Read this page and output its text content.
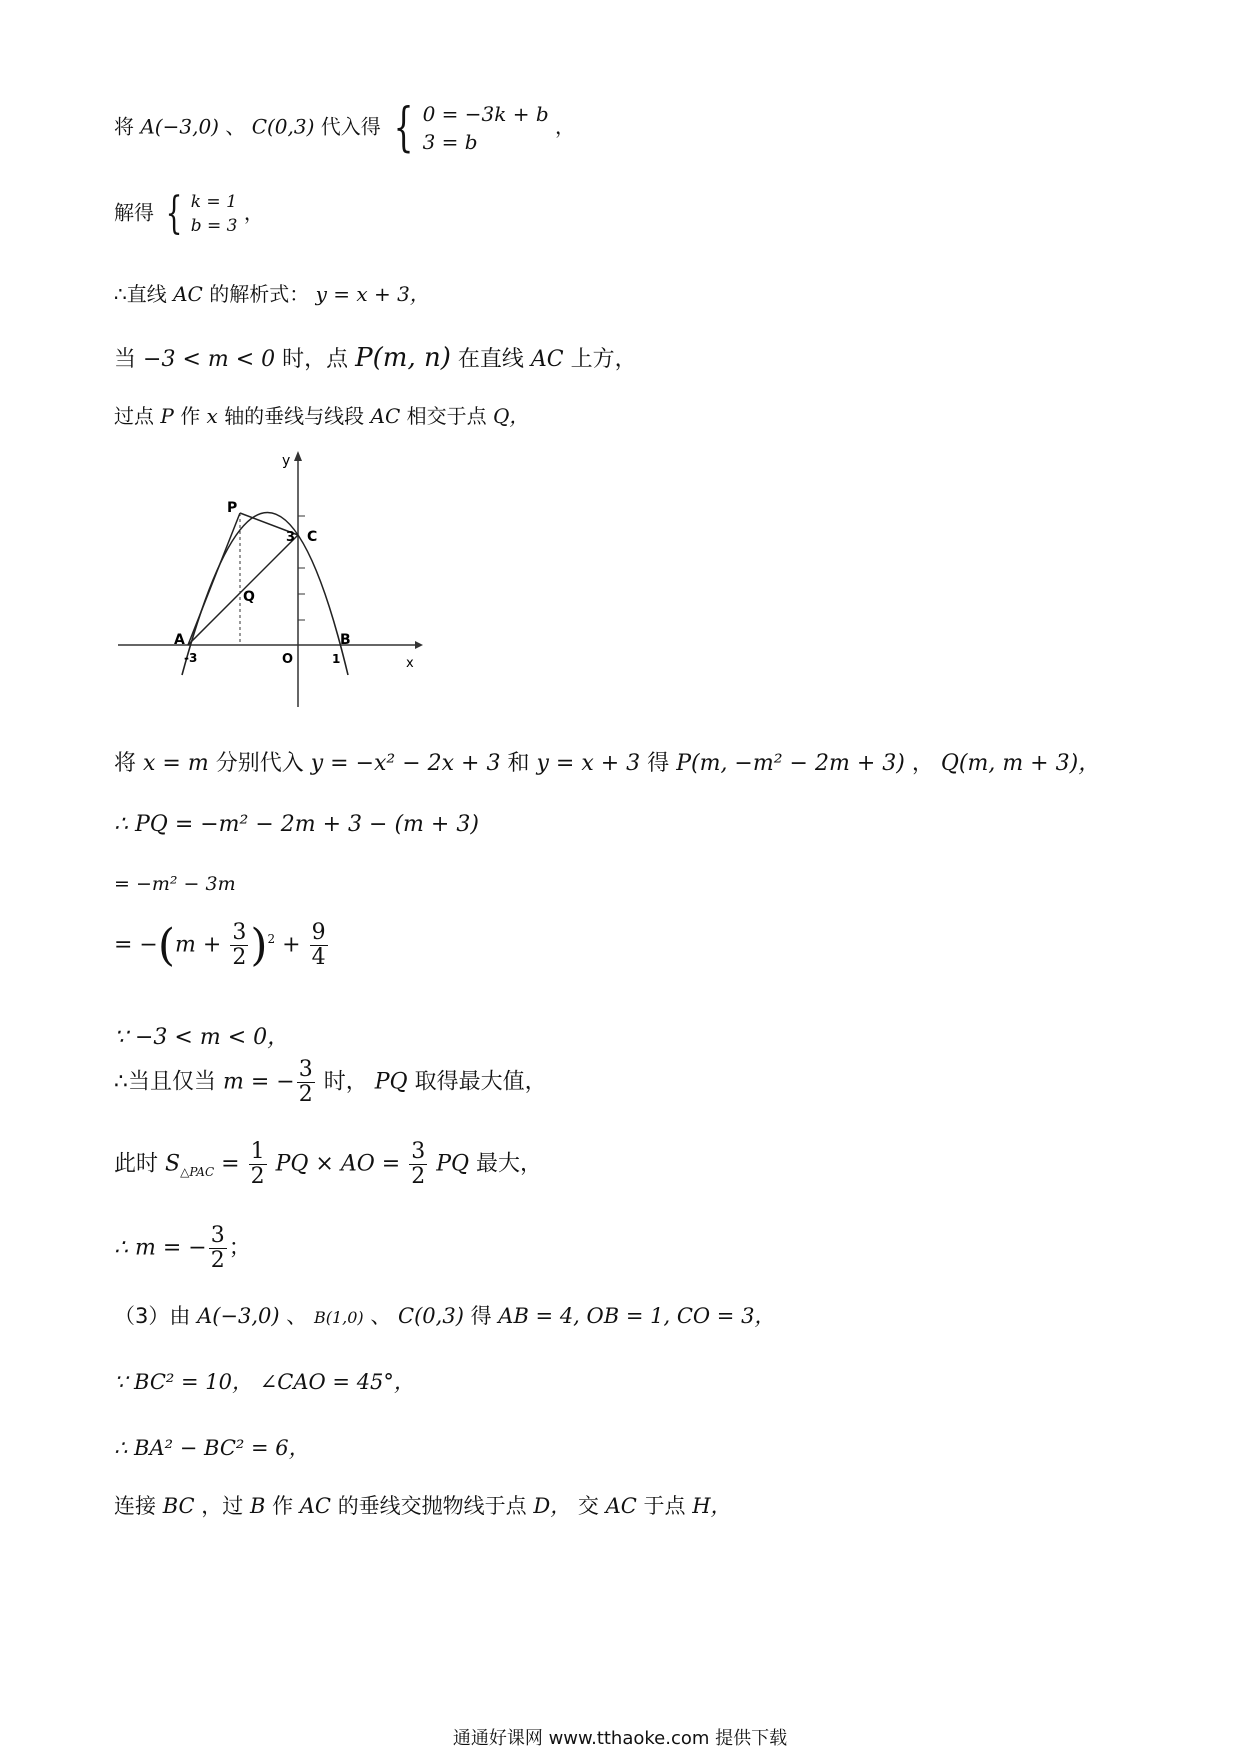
将 A(−3,0) 、 C(0,3) 代入得 { 0 = −3k + b
3 = b
，
解得 { k = 1
b = 3
，
∴直线 AC 的解析式： y = x + 3，
当 −3 < m < 0 时，点 P(m, n) 在直线 AC 上方，
过点 P 作 x 轴的垂线与线段 AC 相交于点 Q，
y
x
P
3 C
Q
A
-3	O
B
1
将 x = m 分别代入 y = −x² − 2x + 3 和 y = x + 3 得 P(m, −m² − 2m + 3) ， Q(m, m + 3)，
∴ PQ = −m² − 2m + 3 − (m + 3)
= −m² − 3m
= $-(m + \frac{3}{2} )^2 + \frac{9}{4}$
∵ −3 < m < 0，
∴当且仅当 m = − $\frac{3}{2}$ 时， PQ 取得最大值，
此时 $S_{\triangle PAC} = \frac{1}{2}$ PQ × AO = $\frac{3}{2}$ PQ 最大，
∴ m = − $\frac{3}{2}$ ；
（3）由 A(−3,0) 、 B(1,0) 、 C(0,3) 得 AB = 4, OB = 1, CO = 3，
∵ BC² = 10， ∠CAO = 45°，
∴ BA² − BC² = 6，
连接 BC ，过 B 作 AC 的垂线交抛物线于点 D， 交 AC 于点 H，
通通好课网 www.tthaoke.com 提供下载
